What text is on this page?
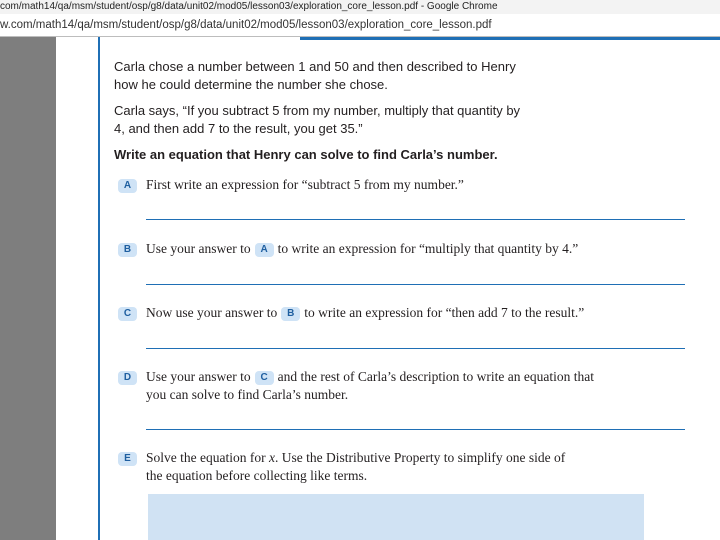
com/math14/qa/msm/student/osp/g8/data/unit02/mod05/lesson03/exploration_core_lesson.pdf - Google Chrome
w.com/math14/qa/msm/student/osp/g8/data/unit02/mod05/lesson03/exploration_core_lesson.pdf

Carla chose a number between 1 and 50 and then described to Henry

how he could determine the number she chose.

Carla says, “If you subtract 5 from my number, multiply that quantity by

4, and then add 7 to the result, you get 35.”

Write an equation that Henry can solve to find Carla’s number.

A First write an expression for “subtract 5 from my number.”
B Use your answer to A to write an expression for “multiply that quantity by 4.”
C Now use your answer to B to write an expression for “then add 7 to the result.”
D Use your answer to C and the rest of Carla’s description to write an equation that
you can solve to find Carla’s number.
E Solve the equation for x. Use the Distributive Property to simplify one side of
the equation before collecting like terms.
